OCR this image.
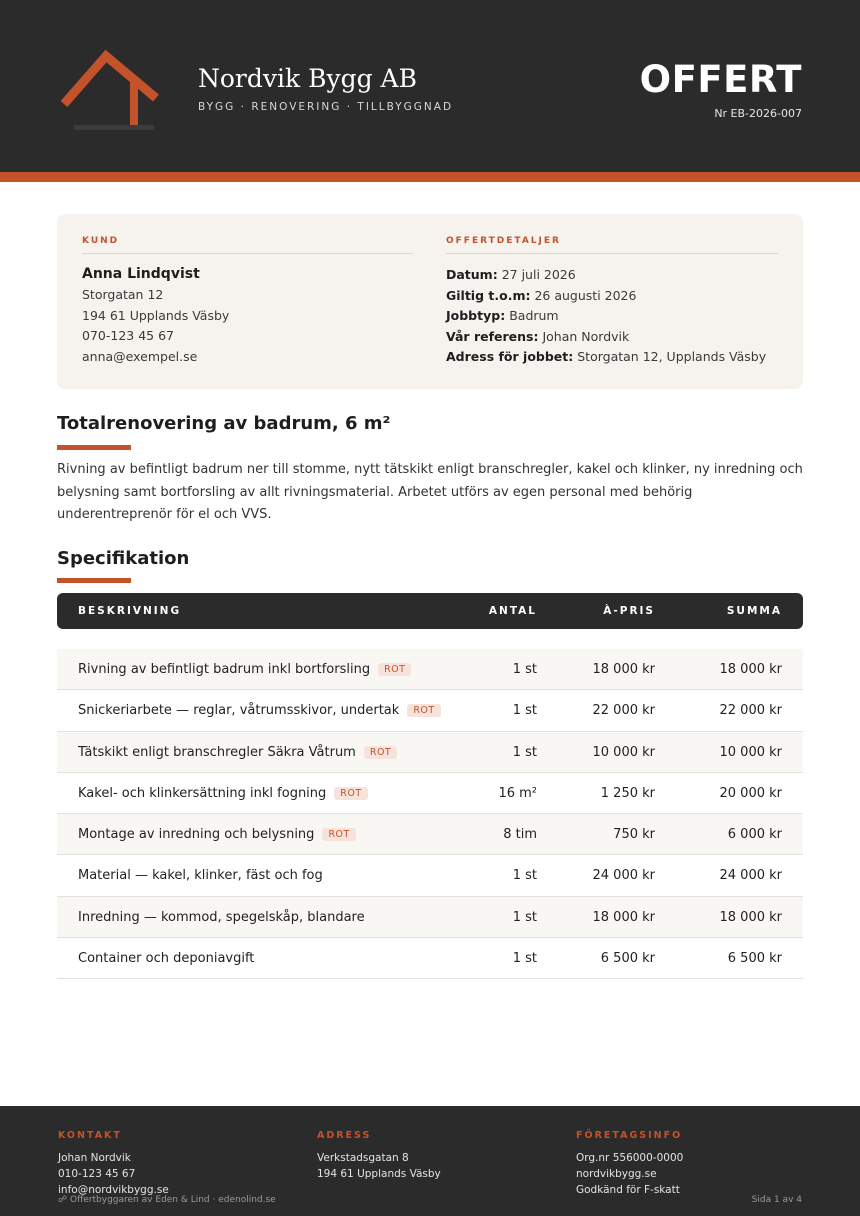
Nordvik Bygg AB
BYGG · RENOVERING · TILLBYGGNAD
OFFERT
Nr EB-2026-007
KUND
Anna Lindqvist
Storgatan 12
194 61 Upplands Väsby
070-123 45 67
anna@exempel.se
OFFERTDETALJER
Datum: 27 juli 2026
Giltig t.o.m: 26 augusti 2026
Jobbtyp: Badrum
Vår referens: Johan Nordvik
Adress för jobbet: Storgatan 12, Upplands Väsby
Totalrenovering av badrum, 6 m²
Rivning av befintligt badrum ner till stomme, nytt tätskikt enligt branschregler, kakel och klinker, ny inredning och belysning samt bortforsling av allt rivningsmaterial. Arbetet utförs av egen personal med behörig underentreprenör för el och VVS.
Specifikation
BESKRIVNING	ANTAL	À-PRIS	SUMMA
Rivning av befintligt badrum inkl bortforsling ROT	1 st	18 000 kr	18 000 kr
Snickeriarbete — reglar, våtrumsskivor, undertak ROT	1 st	22 000 kr	22 000 kr
Tätskikt enligt branschregler Säkra Våtrum ROT	1 st	10 000 kr	10 000 kr
Kakel- och klinkersättning inkl fogning ROT	16 m²	1 250 kr	20 000 kr
Montage av inredning och belysning ROT	8 tim	750 kr	6 000 kr
Material — kakel, klinker, fäst och fog	1 st	24 000 kr	24 000 kr
Inredning — kommod, spegelskåp, blandare	1 st	18 000 kr	18 000 kr
Container och deponiavgift	1 st	6 500 kr	6 500 kr
KONTAKT
Johan Nordvik
010-123 45 67
info@nordvikbygg.se
ADRESS
Verkstadsgatan 8
194 61 Upplands Väsby
FÖRETAGSINFO
Org.nr 556000-0000
nordvikbygg.se
Godkänd för F-skatt
☍ Offertbyggaren av Eden & Lind · edenolind.se	Sida 1 av 4
